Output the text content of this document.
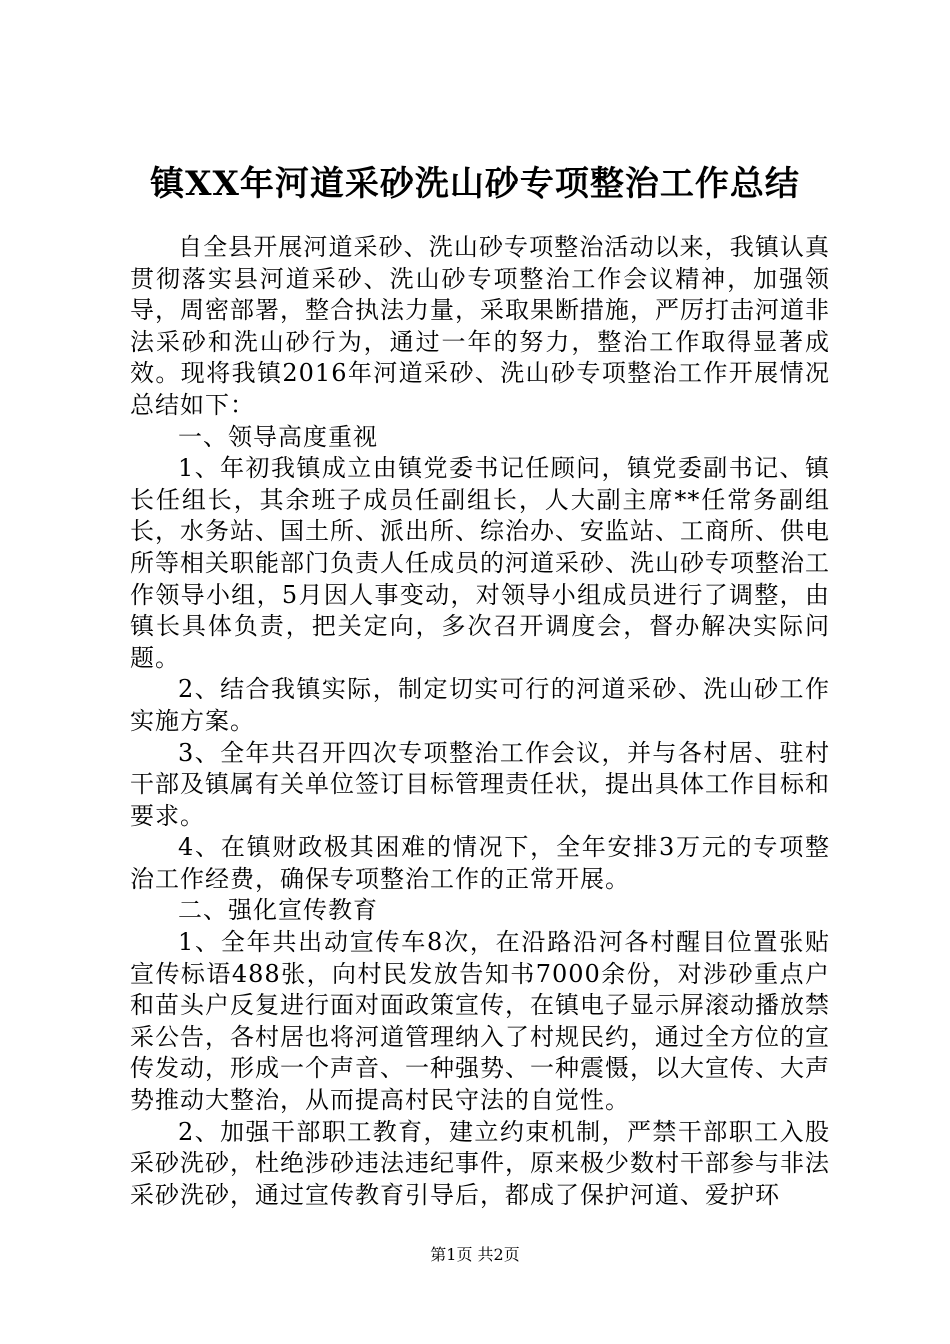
镇XX年河道采砂洗山砂专项整治工作总结

自全县开展河道采砂、洗山砂专项整治活动以来，我镇认真贯彻落实县河道采砂、洗山砂专项整治工作会议精神，加强领导，周密部署，整合执法力量，采取果断措施，严厉打击河道非法采砂和洗山砂行为，通过一年的努力，整治工作取得显著成效。现将我镇2016年河道采砂、洗山砂专项整治工作开展情况总结如下：

一、领导高度重视

1、年初我镇成立由镇党委书记任顾问，镇党委副书记、镇长任组长，其余班子成员任副组长，人大副主席**任常务副组长，水务站、国土所、派出所、综治办、安监站、工商所、供电所等相关职能部门负责人任成员的河道采砂、洗山砂专项整治工作领导小组，5月因人事变动，对领导小组成员进行了调整，由镇长具体负责，把关定向，多次召开调度会，督办解决实际问题。

2、结合我镇实际，制定切实可行的河道采砂、洗山砂工作实施方案。

3、全年共召开四次专项整治工作会议，并与各村居、驻村干部及镇属有关单位签订目标管理责任状，提出具体工作目标和要求。

4、在镇财政极其困难的情况下，全年安排3万元的专项整治工作经费，确保专项整治工作的正常开展。

二、强化宣传教育

1、全年共出动宣传车8次，在沿路沿河各村醒目位置张贴宣传标语488张，向村民发放告知书7000余份，对涉砂重点户和苗头户反复进行面对面政策宣传，在镇电子显示屏滚动播放禁采公告，各村居也将河道管理纳入了村规民约，通过全方位的宣传发动，形成一个声音、一种强势、一种震慑，以大宣传、大声势推动大整治，从而提高村民守法的自觉性。

2、加强干部职工教育，建立约束机制，严禁干部职工入股采砂洗砂，杜绝涉砂违法违纪事件，原来极少数村干部参与非法采砂洗砂，通过宣传教育引导后，都成了保护河道、爱护环

第1页 共2页
